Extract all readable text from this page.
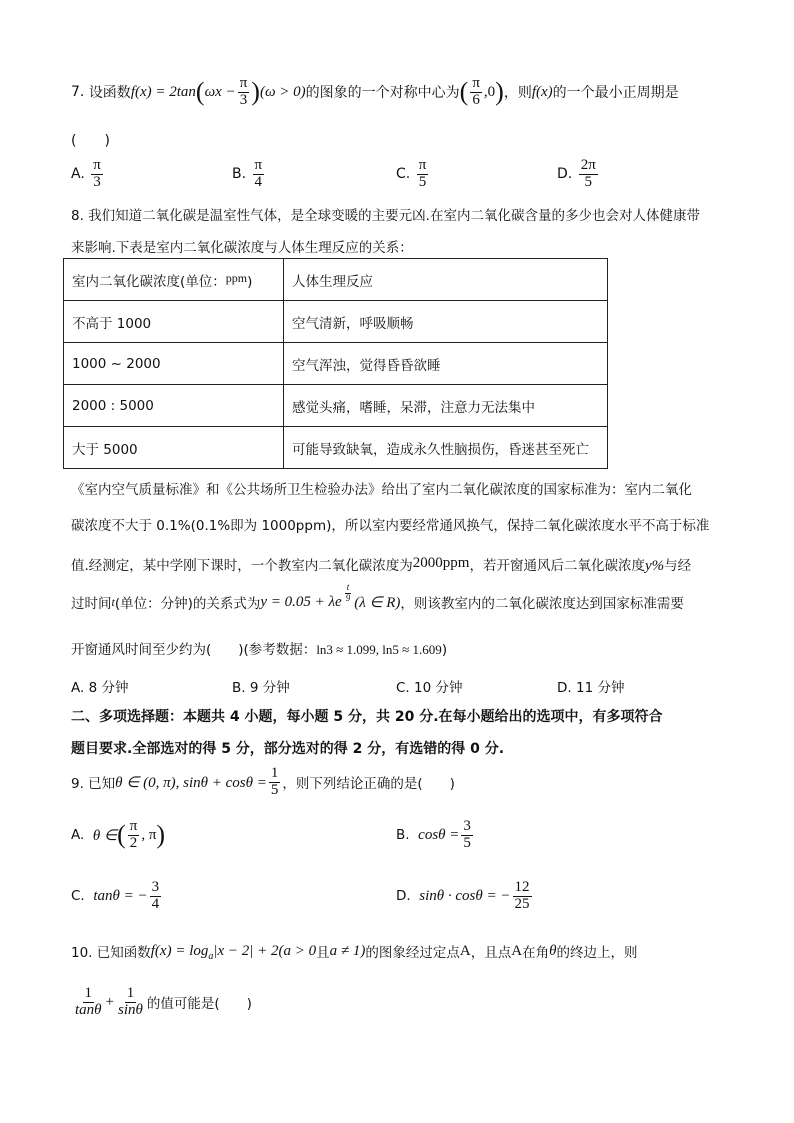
7.
设函数 f(x) = 2tan ( $\omega x - \frac{\pi}{3}$ ) (ω > 0) 的图象的一个对称中心为 ( $\frac{\pi}{6} ,0$ ) ，则 f(x) 的一个最小正周期是
(　　)
A.
$\frac{\pi}{3}$	B.
$\frac{\pi}{4}$	C.
$\frac{\pi}{5}$	D.
$\frac{2\pi}{5}$
8. 我们知道二氧化碳是温室性气体，是全球变暖的主要元凶.在室内二氧化碳含量的多少也会对人体健康带
来影响.下表是室内二氧化碳浓度与人体生理反应的关系：
室内二氧化碳浓度(单位：ppm)	人体生理反应
不高于 1000	空气清新，呼吸顺畅
1000 ~ 2000	空气浑浊，觉得昏昏欲睡
2000 : 5000	感觉头痛，嗜睡，呆滞，注意力无法集中
大于 5000	可能导致缺氧，造成永久性脑损伤，昏迷甚至死亡
《室内空气质量标准》和《公共场所卫生检验办法》给出了室内二氧化碳浓度的国家标准为：室内二氧化
碳浓度不大于 0.1%(0.1%即为 1000ppm)，所以室内要经常通风换气，保持二氧化碳浓度水平不高于标准
值.经测定，某中学刚下课时，一个教室内二氧化碳浓度为2000ppm，若开窗通风后二氧化碳浓度y%与经
过时间 t (单位：分钟)的关系式为 y = 0.05 + λe $\frac{t}{9} (\lambda$ ∈ R) ，则该教室内的二氧化碳浓度达到国家标准需要
开窗通风时间至少约为(　　)(参考数据：ln3 ≈ 1.099, ln5 ≈ 1.609)
A. 8 分钟	B. 9 分钟	C. 10 分钟	D. 11 分钟
二、多项选择题：本题共 4 小题，每小题 5 分，共 20 分.在每小题给出的选项中，有多项符合
题目要求.全部选对的得 5 分，部分选对的得 2 分，有选错的得 0 分.
9. 已知 θ ∈ (0, π), $\sin\theta + \cos\theta = \frac{1}{5}$ ，则下列结论正确的是(　　)
A.
θ ∈ ( $\frac{\pi}{2}$ , π )	B.
$\cos\theta = \frac{3}{5}$
C.
tanθ = − $\frac{3}{4}$	D.
sinθ · cosθ = − $\frac{12}{25}$
10. 已知函数 f(x) = log a |x − 2| + 2(a > 0 且 a ≠ 1) 的图象经过定点 A ，且点 A 在角 θ 的终边上，则
$\frac{1}{\tan\theta} + \frac{1}{\sin\theta}$ 的值可能是(　　)
